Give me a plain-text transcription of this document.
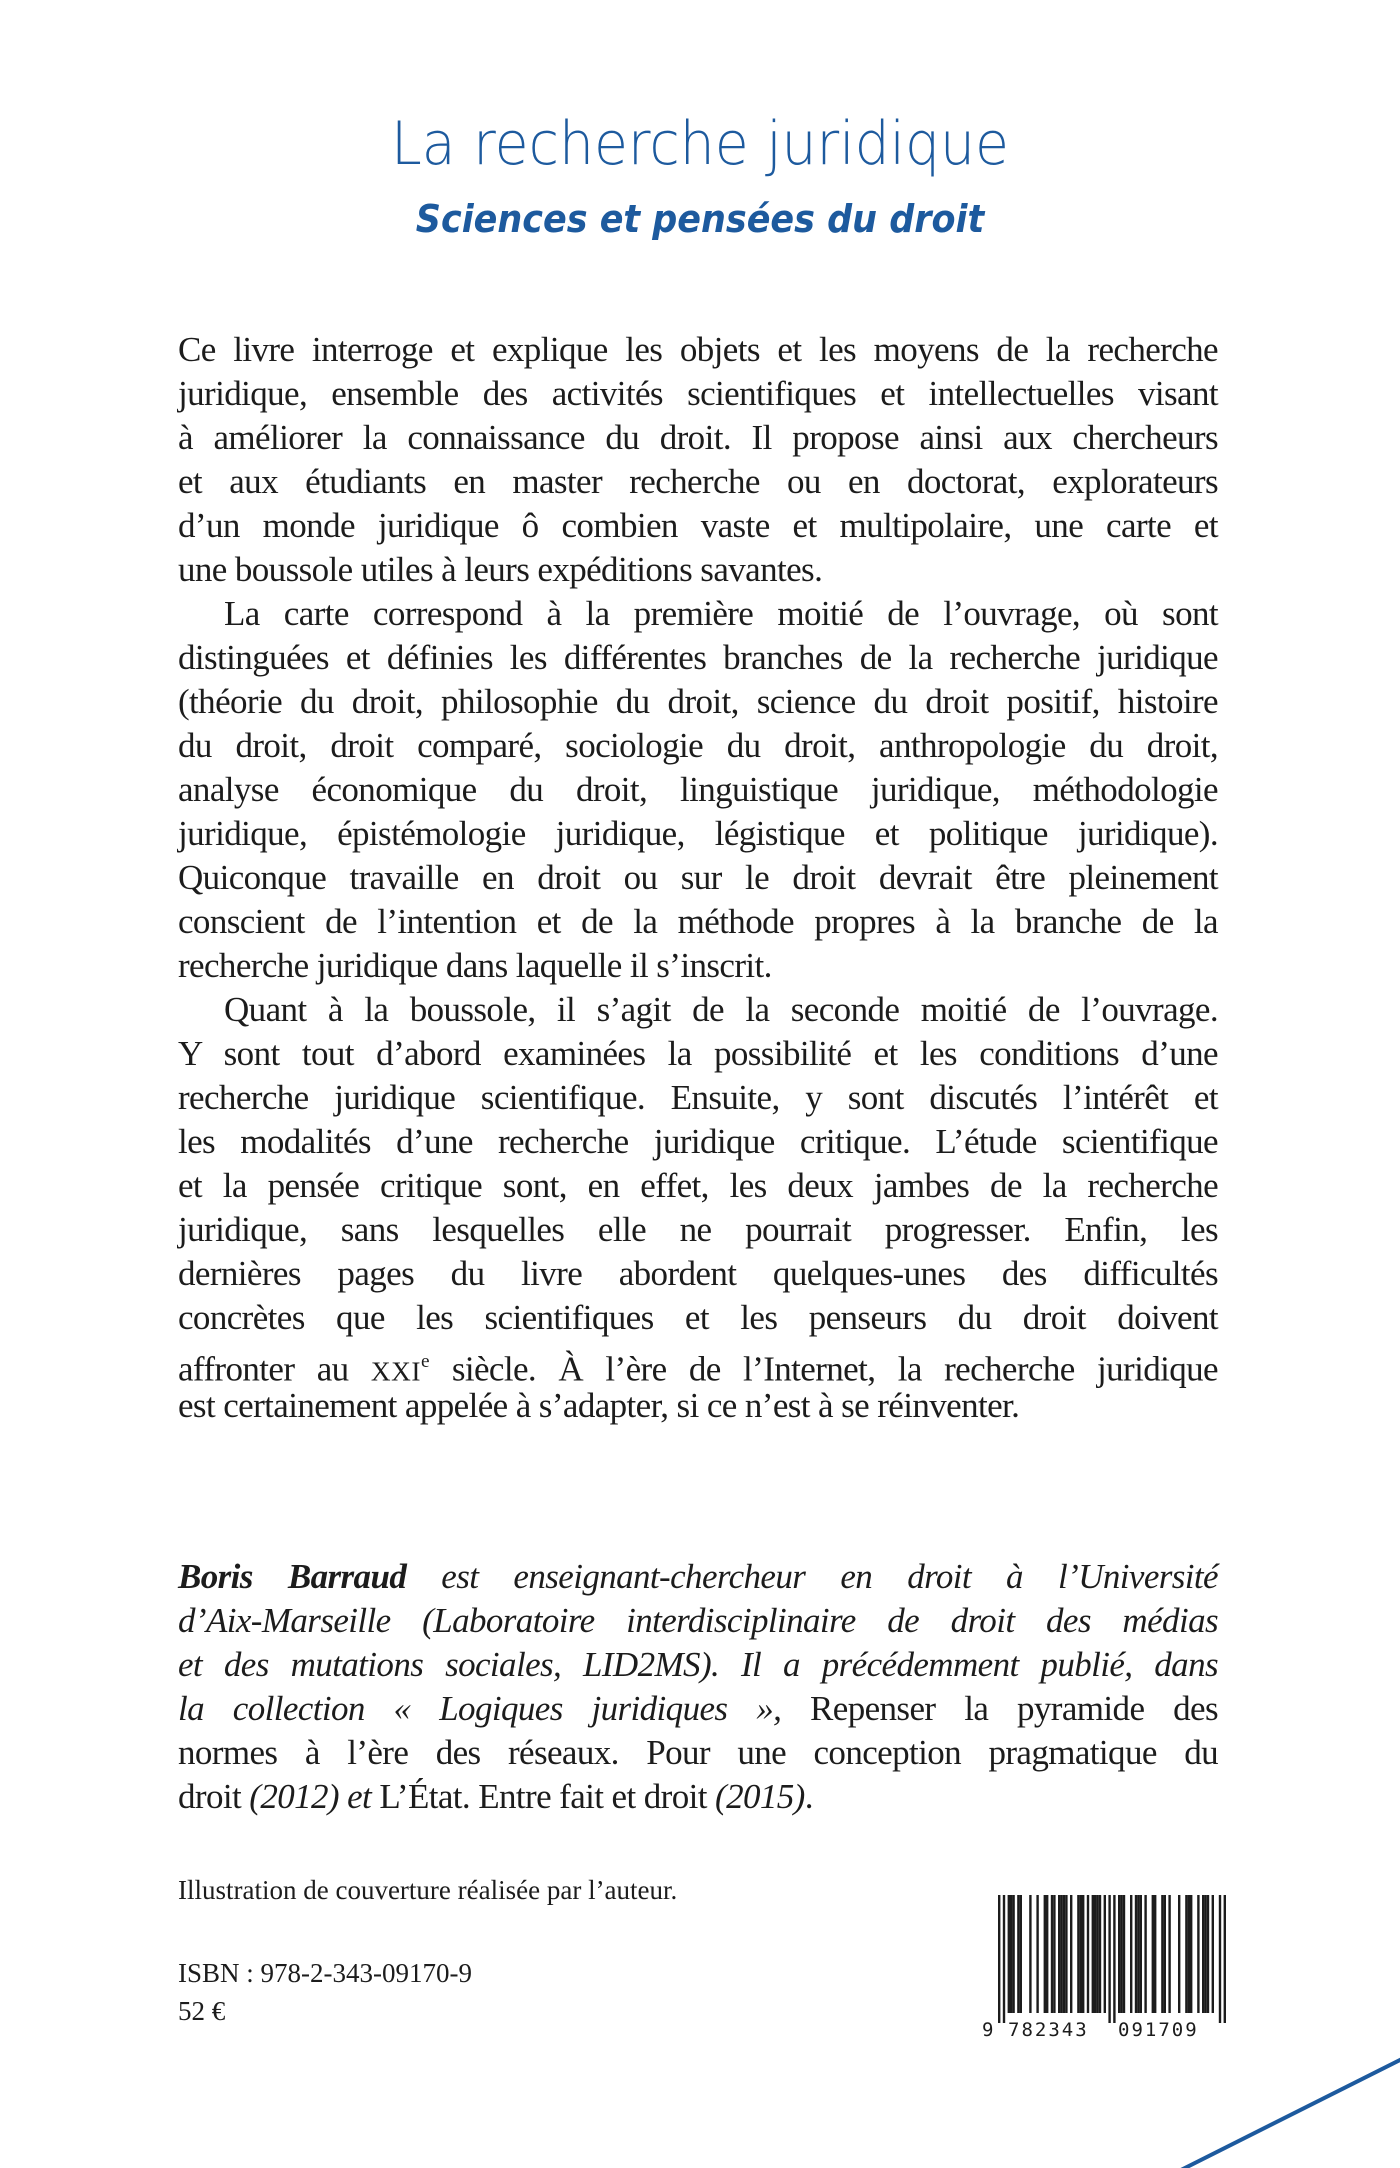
La recherche juridique
Sciences et pensées du droit
Ce livre interroge et explique les objets et les moyens de la recherche
juridique, ensemble des activités scientifiques et intellectuelles visant
à améliorer la connaissance du droit. Il propose ainsi aux chercheurs
et aux étudiants en master recherche ou en doctorat, explorateurs
d’un monde juridique ô combien vaste et multipolaire, une carte et
une boussole utiles à leurs expéditions savantes.
La carte correspond à la première moitié de l’ouvrage, où sont
distinguées et définies les différentes branches de la recherche juridique
(théorie du droit, philosophie du droit, science du droit positif, histoire
du droit, droit comparé, sociologie du droit, anthropologie du droit,
analyse économique du droit, linguistique juridique, méthodologie
juridique, épistémologie juridique, légistique et politique juridique).
Quiconque travaille en droit ou sur le droit devrait être pleinement
conscient de l’intention et de la méthode propres à la branche de la
recherche juridique dans laquelle il s’inscrit.
Quant à la boussole, il s’agit de la seconde moitié de l’ouvrage.
Y sont tout d’abord examinées la possibilité et les conditions d’une
recherche juridique scientifique. Ensuite, y sont discutés l’intérêt et
les modalités d’une recherche juridique critique. L’étude scientifique
et la pensée critique sont, en effet, les deux jambes de la recherche
juridique, sans lesquelles elle ne pourrait progresser. Enfin, les
dernières pages du livre abordent quelques-unes des difficultés
concrètes que les scientifiques et les penseurs du droit doivent
affronter au XXIe siècle. À l’ère de l’Internet, la recherche juridique
est certainement appelée à s’adapter, si ce n’est à se réinventer.
Boris Barraud est enseignant-chercheur en droit à l’Université
d’Aix-Marseille (Laboratoire interdisciplinaire de droit des médias
et des mutations sociales, LID2MS). Il a précédemment publié, dans
la collection « Logiques juridiques », Repenser la pyramide des
normes à l’ère des réseaux. Pour une conception pragmatique du
droit (2012) et L’État. Entre fait et droit (2015).
Illustration de couverture réalisée par l’auteur.
ISBN : 978-2-343-09170-9
52 €
9 782343 091709
